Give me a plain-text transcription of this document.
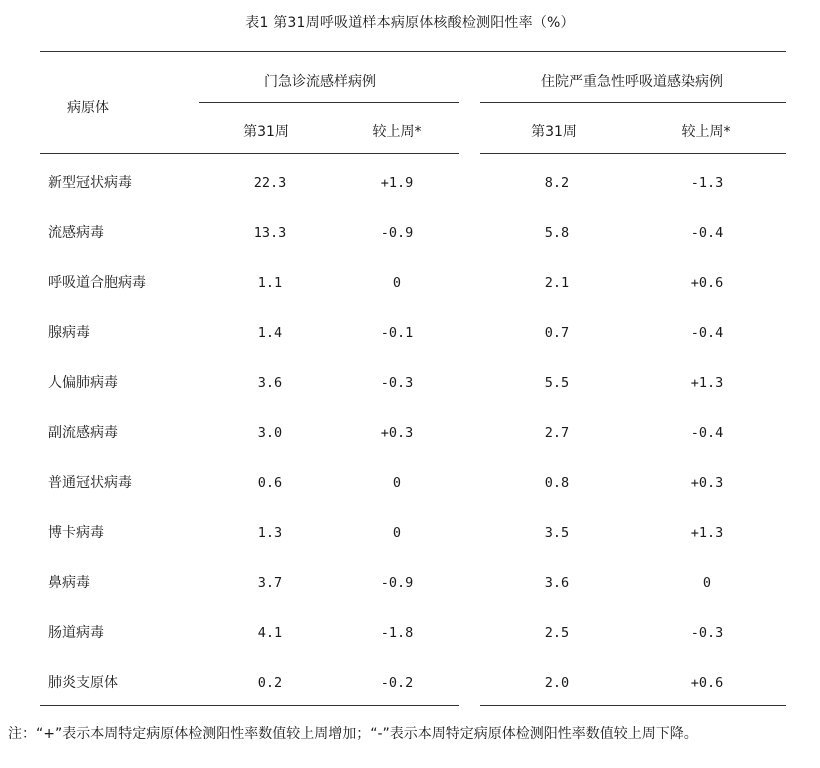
表1 第31周呼吸道样本病原体核酸检测阳性率（%）
病原体
门急诊流感样病例	住院严重急性呼吸道感染病例
第31周	较上周*	第31周	较上周*
新型冠状病毒	22.3	+1.9	8.2	-1.3
流感病毒	13.3	-0.9	5.8	-0.4
呼吸道合胞病毒	1.1	0	2.1	+0.6
腺病毒	1.4	-0.1	0.7	-0.4
人偏肺病毒	3.6	-0.3	5.5	+1.3
副流感病毒	3.0	+0.3	2.7	-0.4
普通冠状病毒	0.6	0	0.8	+0.3
博卡病毒	1.3	0	3.5	+1.3
鼻病毒	3.7	-0.9	3.6	0
肠道病毒	4.1	-1.8	2.5	-0.3
肺炎支原体	0.2	-0.2	2.0	+0.6
注：“+”表示本周特定病原体检测阳性率数值较上周增加；“-”表示本周特定病原体检测阳性率数值较上周下降。
